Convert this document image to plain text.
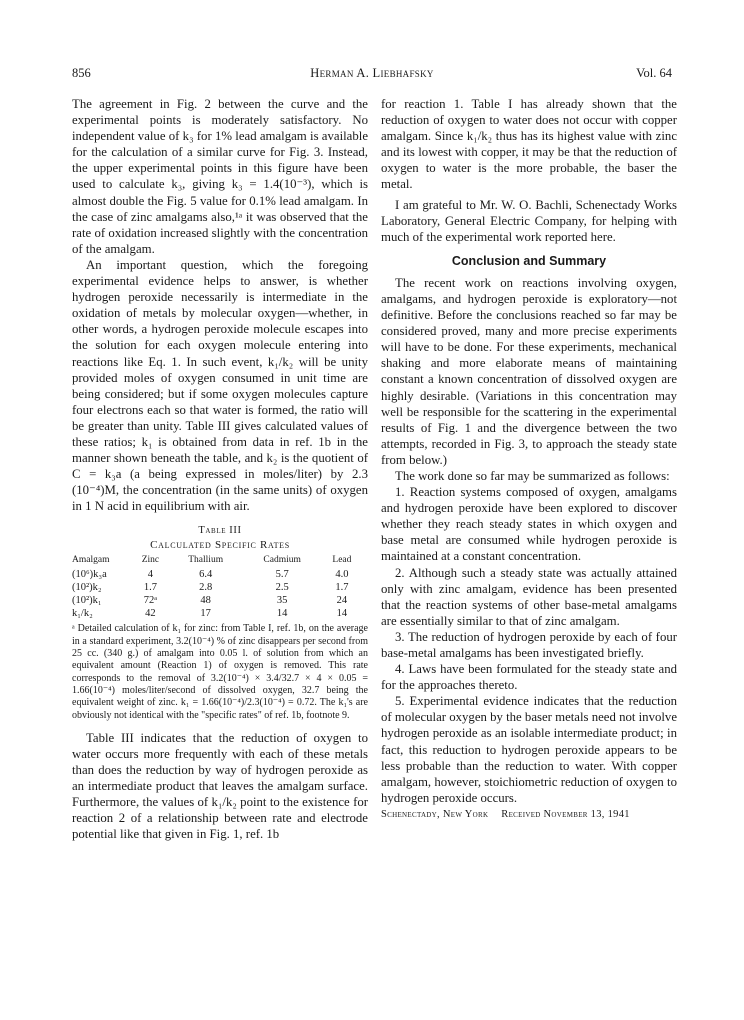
856	Herman A. Liebhafsky	Vol. 64

The agreement in Fig. 2 between the curve and the experimental points is moderately satisfactory. No independent value of k₃ for 1% lead amalgam is available for the calculation of a similar curve for Fig. 3. Instead, the upper experimental points in this figure have been used to calculate k₃, giving k₃ = 1.4(10⁻³), which is almost double the Fig. 5 value for 0.1% lead amalgam. In the case of zinc amalgams also,¹ᵃ it was observed that the rate of oxidation increased slightly with the concentration of the amalgam.

An important question, which the foregoing experimental evidence helps to answer, is whether hydrogen peroxide necessarily is intermediate in the oxidation of metals by molecular oxygen—whether, in other words, a hydrogen peroxide molecule escapes into the solution for each oxygen molecule entering into reactions like Eq. 1. In such event, k₁/k₂ will be unity provided moles of oxygen consumed in unit time are being considered; but if some oxygen molecules capture four electrons each so that water is formed, the ratio will be greater than unity. Table III gives calculated values of these ratios; k₁ is obtained from data in ref. 1b in the manner shown beneath the table, and k₂ is the quotient of C = k₃a (a being expressed in moles/liter) by 2.3 (10⁻⁴)M, the concentration (in the same units) of oxygen in 1 N acid in equilibrium with air.

Table III
Calculated Specific Rates
Amalgam	Zinc	Thallium	Cadmium	Lead
(10⁶)k₃a	4	6.4	5.7	4.0
(10²)k₂	1.7	2.8	2.5	1.7
(10²)k₁	72ᵃ	48	35	24
k₁/k₂	42	17	14	14

ᵃ Detailed calculation of k₁ for zinc: from Table I, ref. 1b, on the average in a standard experiment, 3.2(10⁻⁴) % of zinc disappears per second from 25 cc. (340 g.) of amalgam into 0.05 l. of solution from which an equivalent amount (Reaction 1) of oxygen is removed. This rate corresponds to the removal of 3.2(10⁻⁴) × 3.4/32.7 × 4 × 0.05 = 1.66(10⁻⁴) moles/liter/second of dissolved oxygen, 32.7 being the equivalent weight of zinc. k₁ = 1.66(10⁻⁴)/2.3(10⁻⁴) = 0.72. The k₁'s are obviously not identical with the "specific rates" of ref. 1b, footnote 9.

Table III indicates that the reduction of oxygen to water occurs more frequently with each of these metals than does the reduction by way of hydrogen peroxide as an intermediate product that leaves the amalgam surface. Furthermore, the values of k₁/k₂ point to the existence for reaction 2 of a relationship between rate and electrode potential like that given in Fig. 1, ref. 1b

for reaction 1. Table I has already shown that the reduction of oxygen to water does not occur with copper amalgam. Since k₁/k₂ thus has its highest value with zinc and its lowest with copper, it may be that the reduction of oxygen to water is the more probable, the baser the metal.

I am grateful to Mr. W. O. Bachli, Schenectady Works Laboratory, General Electric Company, for helping with much of the experimental work reported here.

Conclusion and Summary

The recent work on reactions involving oxygen, amalgams, and hydrogen peroxide is exploratory—not definitive. Before the conclusions reached so far may be considered proved, many and more precise experiments will have to be done. For these experiments, mechanical shaking and more elaborate means of maintaining constant a known concentration of dissolved oxygen are highly desirable. (Variations in this concentration may well be responsible for the scattering in the experimental results of Fig. 1 and the divergence between the two attempts, recorded in Fig. 3, to approach the steady state from below.)

The work done so far may be summarized as follows:

1. Reaction systems composed of oxygen, amalgams and hydrogen peroxide have been explored to discover whether they reach steady states in which oxygen and base metal are consumed while hydrogen peroxide is maintained at a constant concentration.

2. Although such a steady state was actually attained only with zinc amalgam, evidence has been presented that the reaction systems of other base-metal amalgams are essentially similar to that of zinc amalgam.

3. The reduction of hydrogen peroxide by each of four base-metal amalgams has been investigated briefly.

4. Laws have been formulated for the steady state and for the approaches thereto.

5. Experimental evidence indicates that the reduction of molecular oxygen by the baser metals need not involve hydrogen peroxide as an isolable intermediate product; in fact, this reduction to hydrogen peroxide appears to be less probable than the reduction to water. With copper amalgam, however, stoichiometric reduction of oxygen to hydrogen peroxide occurs.

Schenectady, New York Received November 13, 1941
